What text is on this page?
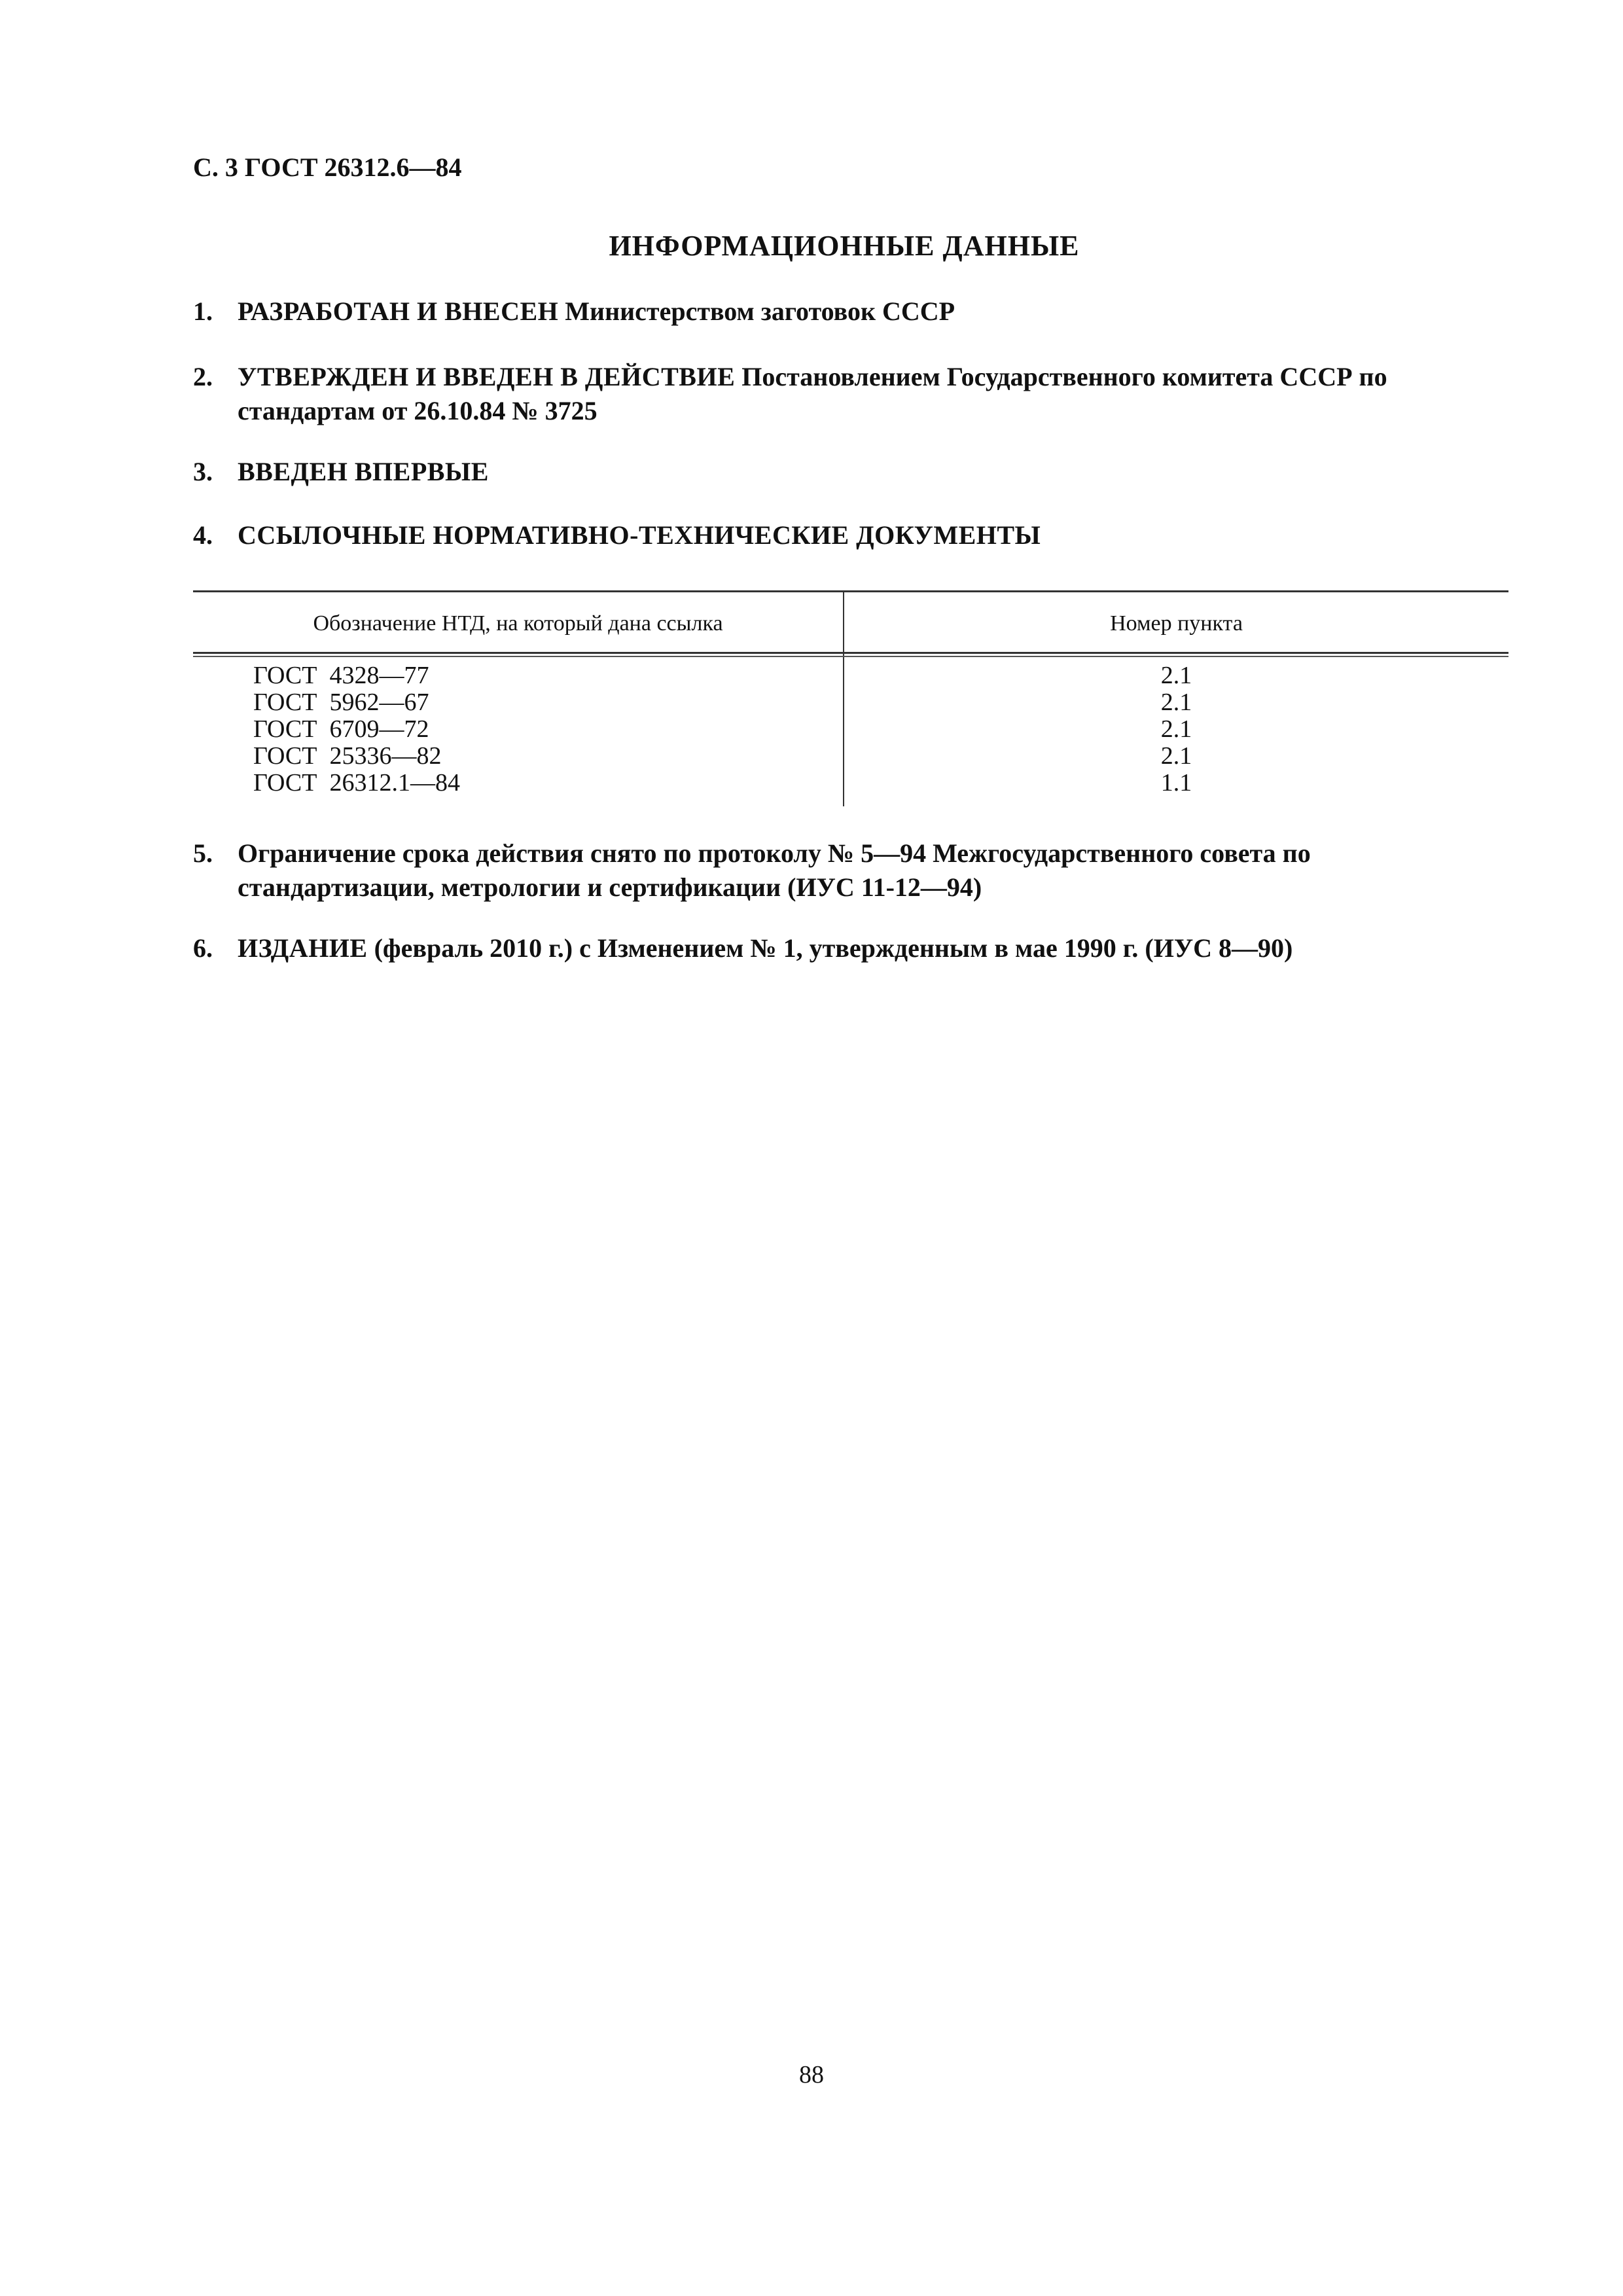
С. 3 ГОСТ 26312.6—84
ИНФОРМАЦИОННЫЕ ДАННЫЕ
1. РАЗРАБОТАН И ВНЕСЕН Министерством заготовок СССР
2. УТВЕРЖДЕН И ВВЕДЕН В ДЕЙСТВИЕ Постановлением Государственного комитета СССР по стандартам от 26.10.84 № 3725
3. ВВЕДЕН ВПЕРВЫЕ
4. ССЫЛОЧНЫЕ НОРМАТИВНО-ТЕХНИЧЕСКИЕ ДОКУМЕНТЫ
Обозначение НТД, на который дана ссылка	Номер пункта
ГОСТ  4328—77	2.1
ГОСТ  5962—67	2.1
ГОСТ  6709—72	2.1
ГОСТ  25336—82	2.1
ГОСТ  26312.1—84	1.1
5. Ограничение срока действия снято по протоколу № 5—94 Межгосударственного совета по стандартизации, метрологии и сертификации (ИУС 11-12—94)
6. ИЗДАНИЕ (февраль 2010 г.) с Изменением № 1, утвержденным в мае 1990 г. (ИУС 8—90)
88
